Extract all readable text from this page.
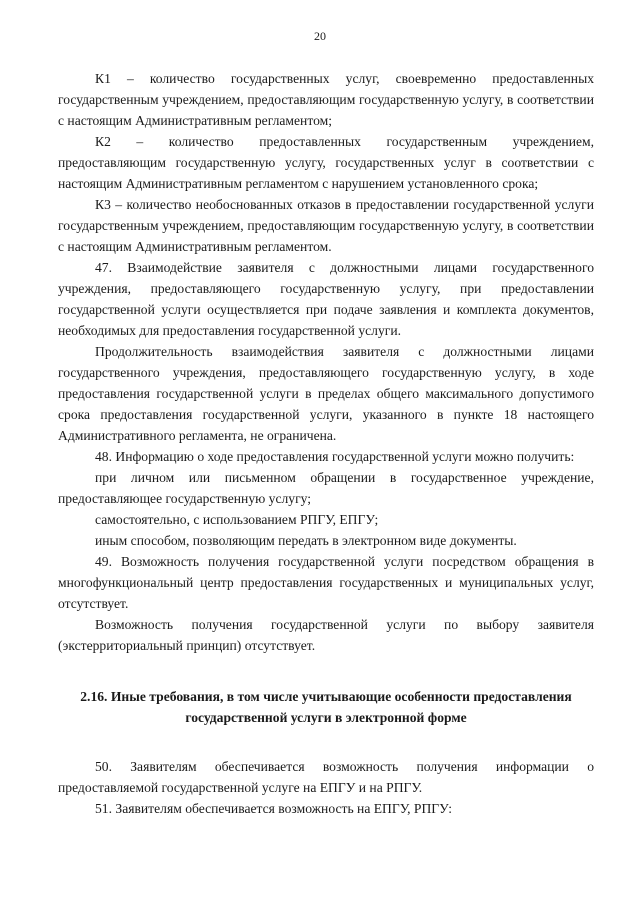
20

К1 – количество государственных услуг, своевременно предоставленных государственным учреждением, предоставляющим государственную услугу, в соответствии с настоящим Административным регламентом;

К2 – количество предоставленных государственным учреждением, предоставляющим государственную услугу, государственных услуг в соответствии с настоящим Административным регламентом с нарушением установленного срока;

К3 – количество необоснованных отказов в предоставлении государственной услуги государственным учреждением, предоставляющим государственную услугу, в соответствии с настоящим Административным регламентом.

47. Взаимодействие заявителя с должностными лицами государственного учреждения, предоставляющего государственную услугу, при предоставлении государственной услуги осуществляется при подаче заявления и комплекта документов, необходимых для предоставления государственной услуги.

Продолжительность взаимодействия заявителя с должностными лицами государственного учреждения, предоставляющего государственную услугу, в ходе предоставления государственной услуги в пределах общего максимального допустимого срока предоставления государственной услуги, указанного в пункте 18 настоящего Административного регламента, не ограничена.

48. Информацию о ходе предоставления государственной услуги можно получить:

при личном или письменном обращении в государственное учреждение, предоставляющее государственную услугу;

самостоятельно, с использованием РПГУ, ЕПГУ;

иным способом, позволяющим передать в электронном виде документы.

49. Возможность получения государственной услуги посредством обращения в многофункциональный центр предоставления государственных и муниципальных услуг, отсутствует.

Возможность получения государственной услуги по выбору заявителя (экстерриториальный принцип) отсутствует.

2.16. Иные требования, в том числе учитывающие особенности предоставления государственной услуги в электронной форме

50. Заявителям обеспечивается возможность получения информации о предоставляемой государственной услуге на ЕПГУ и на РПГУ.

51. Заявителям обеспечивается возможность на ЕПГУ, РПГУ:
